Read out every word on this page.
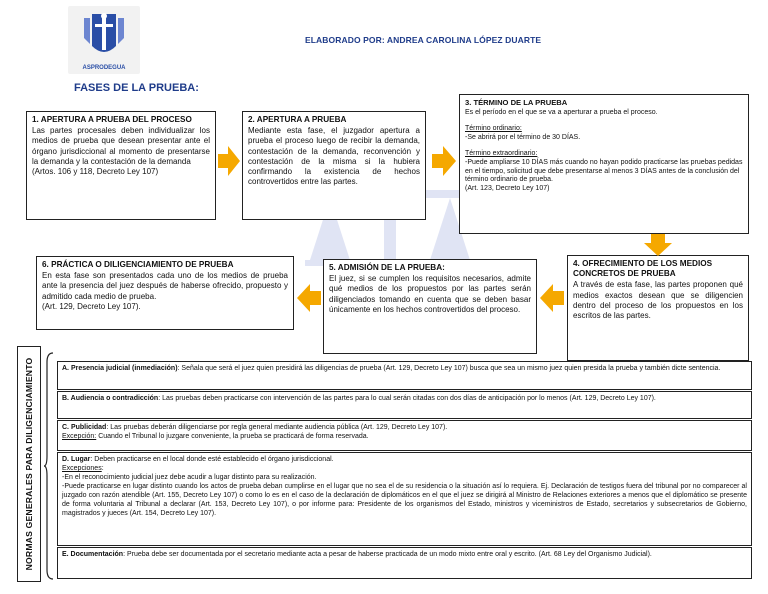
ASPRODEGUA
ELABORADO POR: ANDREA CAROLINA LÓPEZ DUARTE
FASES DE LA PRUEBA:
1. APERTURA A PRUEBA DEL PROCESO
Las partes procesales deben individualizar los medios de prueba que desean presentar ante el órgano jurisdiccional al momento de presentarse la demanda y la contestación de la demanda
(Artos. 106 y 118, Decreto Ley 107)
2. APERTURA A PRUEBA
Mediante esta fase, el juzgador apertura a prueba el proceso luego de recibir la demanda, contestación de la demanda, reconvención y contestación de la misma si la hubiera confirmando la existencia de hechos controvertidos entre las partes.
3. TÉRMINO DE LA PRUEBA
Es el período en el que se va a aperturar a prueba el proceso.
Término ordinario:
-Se abrirá por el término de 30 DÍAS.
Término extraordinario:
-Puede ampliarse 10 DÍAS más cuando no hayan podido practicarse las pruebas pedidas en el tiempo, solicitud que debe presentarse al menos 3 DÍAS antes de la conclusión del término ordinario de prueba.
(Art. 123, Decreto Ley 107)
4. OFRECIMIENTO DE LOS MEDIOS CONCRETOS DE PRUEBA
A través de esta fase, las partes proponen qué medios exactos desean que se diligencien dentro del proceso de los propuestos en los escritos de las partes.
5. ADMISIÓN DE LA PRUEBA:
El juez, si se cumplen los requisitos necesarios, admite qué medios de los propuestos por las partes serán diligenciados tomando en cuenta que se deben basar únicamente en los hechos controvertidos del proceso.
6. PRÁCTICA O DILIGENCIAMIENTO DE PRUEBA
En esta fase son presentados cada uno de los medios de prueba ante la presencia del juez después de haberse ofrecido, propuesto y admitido cada medio de prueba.
(Art. 129, Decreto Ley 107).
NORMAS GENERALES PARA DILIGENCIAMIENTO	A. Presencia judicial (inmediación): Señala que será el juez quien presidirá las diligencias de prueba (Art. 129, Decreto Ley 107) busca que sea un mismo juez quien presida la prueba y también dicte sentencia.
B. Audiencia o contradicción: Las pruebas deben practicarse con intervención de las partes para lo cual serán citadas con dos días de anticipación por lo menos (Art. 129, Decreto Ley 107).
C. Publicidad: Las pruebas deberán diligenciarse por regla general mediante audiencia pública (Art. 129, Decreto Ley 107).
Excepción: Cuando el Tribunal lo juzgare conveniente, la prueba se practicará de forma reservada.
D. Lugar: Deben practicarse en el local donde esté establecido el órgano jurisdiccional.
Excepciones:
-En el reconocimiento judicial juez debe acudir a lugar distinto para su realización.
-Puede practicarse en lugar distinto cuando los actos de prueba deban cumplirse en el lugar que no sea el de su residencia o la situación así lo requiera. Ej. Declaración de testigos fuera del tribunal por no comparecer al juzgado con razón atendible (Art. 155, Decreto Ley 107) o como lo es en el caso de la declaración de diplomáticos en el que el juez se dirigirá al Ministro de Relaciones exteriores a menos que el diplomático se presente de forma voluntaria al Tribunal a declarar (Art. 153, Decreto Ley 107), o por informe para: Presidente de los organismos del Estado, ministros y viceministros de Estado, secretarios y subsecretarios de Gobierno, magistrados y jueces (Art. 154, Decreto Ley 107).
E. Documentación: Prueba debe ser documentada por el secretario mediante acta a pesar de haberse practicada de un modo mixto entre oral y escrito. (Art. 68 Ley del Organismo Judicial).
